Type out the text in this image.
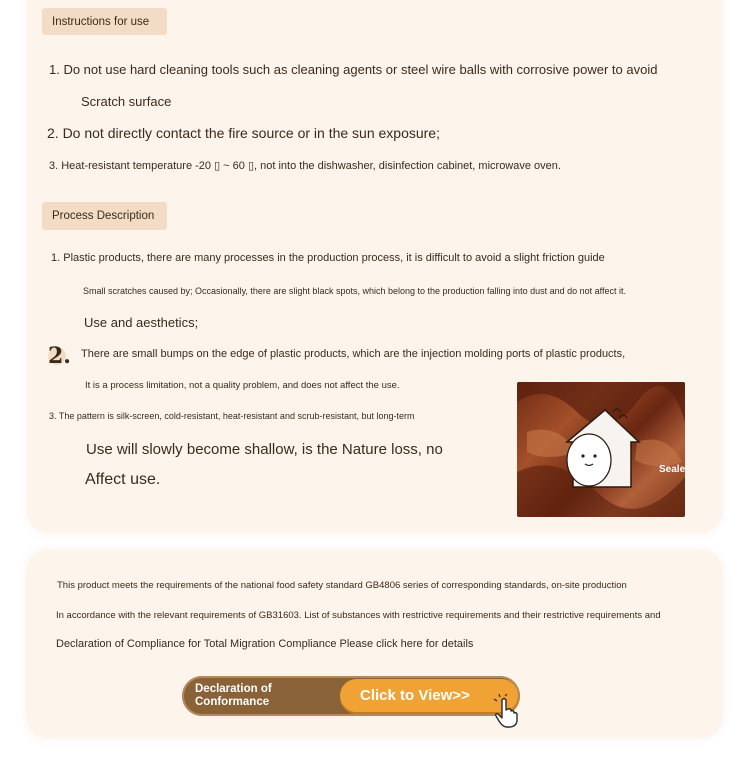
Instructions for use
1. Do not use hard cleaning tools such as cleaning agents or steel wire balls with corrosive power to avoid
Scratch surface
2. Do not directly contact the fire source or in the sun exposure;
3. Heat-resistant temperature -20 ▯ ~ 60 ▯, not into the dishwasher, disinfection cabinet, microwave oven.
Process Description
1. Plastic products, there are many processes in the production process, it is difficult to avoid a slight friction guide
Small scratches caused by; Occasionally, there are slight black spots, which belong to the production falling into dust and do not affect it.
Use and aesthetics;
2. There are small bumps on the edge of plastic products, which are the injection molding ports of plastic products,
It is a process limitation, not a quality problem, and does not affect the use.
3. The pattern is silk-screen, cold-resistant, heat-resistant and scrub-resistant, but long-term
Use will slowly become shallow, is the Nature loss, no
Affect use.
Seale
This product meets the requirements of the national food safety standard GB4806 series of corresponding standards, on-site production
In accordance with the relevant requirements of GB31603. List of substances with restrictive requirements and their restrictive requirements and
Declaration of Compliance for Total Migration Compliance Please click here for details
Declaration of
Conformance	Click to View>>
